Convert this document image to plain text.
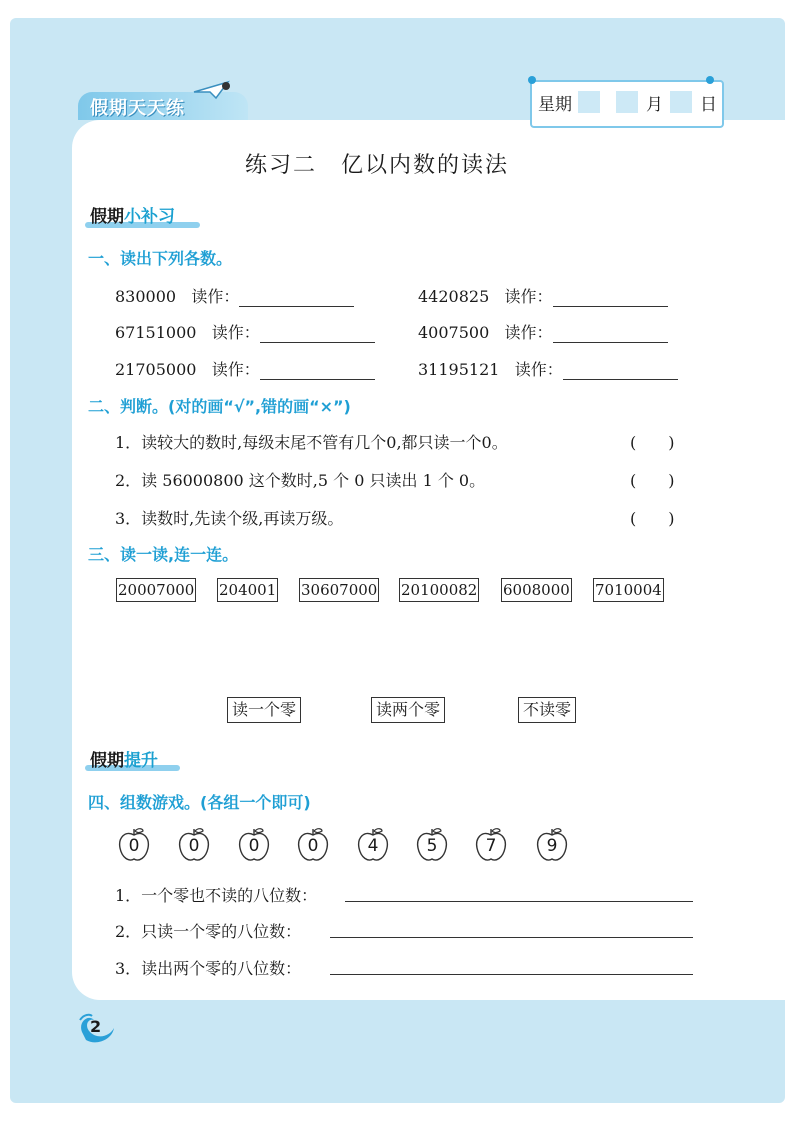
假期天天练	星期	月 日
练习二　亿以内数的读法
假期小补习
一、读出下列各数。
830000 读作：	4420825 读作：
67151000 读作：	4007500 读作：
21705000 读作：	31195121 读作：
二、判断。(对的画“√”,错的画“×”)
1．读较大的数时,每级末尾不管有几个0,都只读一个0。	(　　)
2．读 56000800 这个数时,5 个 0 只读出 1 个 0。	(　　)
3．读数时,先读个级,再读万级。	(　　)
三、读一读,连一连。
20007000 204001 30607000 20100082 6008000 7010004
读一个零	读两个零	不读零
假期提升
四、组数游戏。(各组一个即可)
0	0	0	0	4	5	7	9
1．一个零也不读的八位数：
2．只读一个零的八位数：
3．读出两个零的八位数：
2
